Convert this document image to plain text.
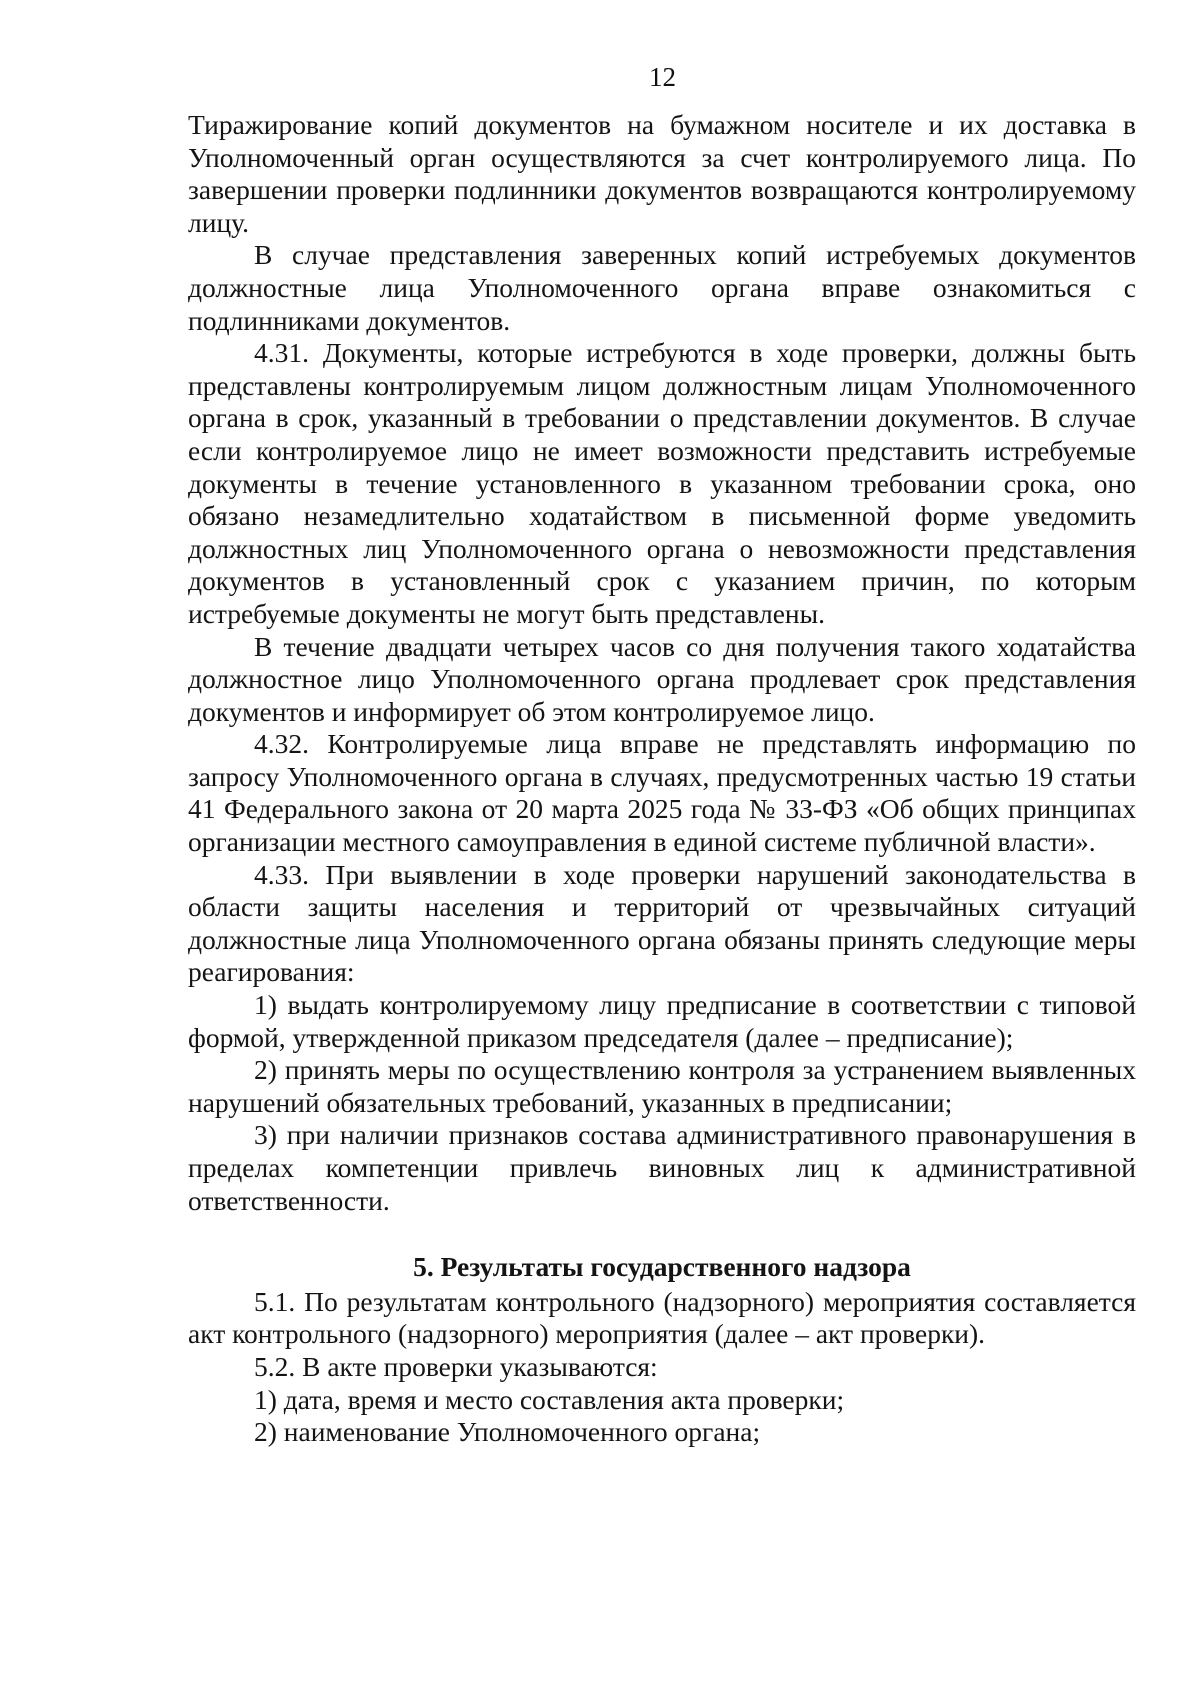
12

Тиражирование копий документов на бумажном носителе и их доставка в Уполномоченный орган осуществляются за счет контролируемого лица. По завершении проверки подлинники документов возвращаются контролируемому лицу.

В случае представления заверенных копий истребуемых документов должностные лица Уполномоченного органа вправе ознакомиться с подлинниками документов.

4.31. Документы, которые истребуются в ходе проверки, должны быть представлены контролируемым лицом должностным лицам Уполномоченного органа в срок, указанный в требовании о представлении документов. В случае если контролируемое лицо не имеет возможности представить истребуемые документы в течение установленного в указанном требовании срока, оно обязано незамедлительно ходатайством в письменной форме уведомить должностных лиц Уполномоченного органа о невозможности представления документов в установленный срок с указанием причин, по которым истребуемые документы не могут быть представлены.

В течение двадцати четырех часов со дня получения такого ходатайства должностное лицо Уполномоченного органа продлевает срок представления документов и информирует об этом контролируемое лицо.

4.32. Контролируемые лица вправе не представлять информацию по запросу Уполномоченного органа в случаях, предусмотренных частью 19 статьи 41 Федерального закона от 20 марта 2025 года № 33-ФЗ «Об общих принципах организации местного самоуправления в единой системе публичной власти».

4.33. При выявлении в ходе проверки нарушений законодательства в области защиты населения и территорий от чрезвычайных ситуаций должностные лица Уполномоченного органа обязаны принять следующие меры реагирования:

1) выдать контролируемому лицу предписание в соответствии с типовой формой, утвержденной приказом председателя (далее – предписание);

2) принять меры по осуществлению контроля за устранением выявленных нарушений обязательных требований, указанных в предписании;

3) при наличии признаков состава административного правонарушения в пределах компетенции привлечь виновных лиц к административной ответственности.

5. Результаты государственного надзора

5.1. По результатам контрольного (надзорного) мероприятия составляется акт контрольного (надзорного) мероприятия (далее – акт проверки).

5.2. В акте проверки указываются:

1) дата, время и место составления акта проверки;

2) наименование Уполномоченного органа;
